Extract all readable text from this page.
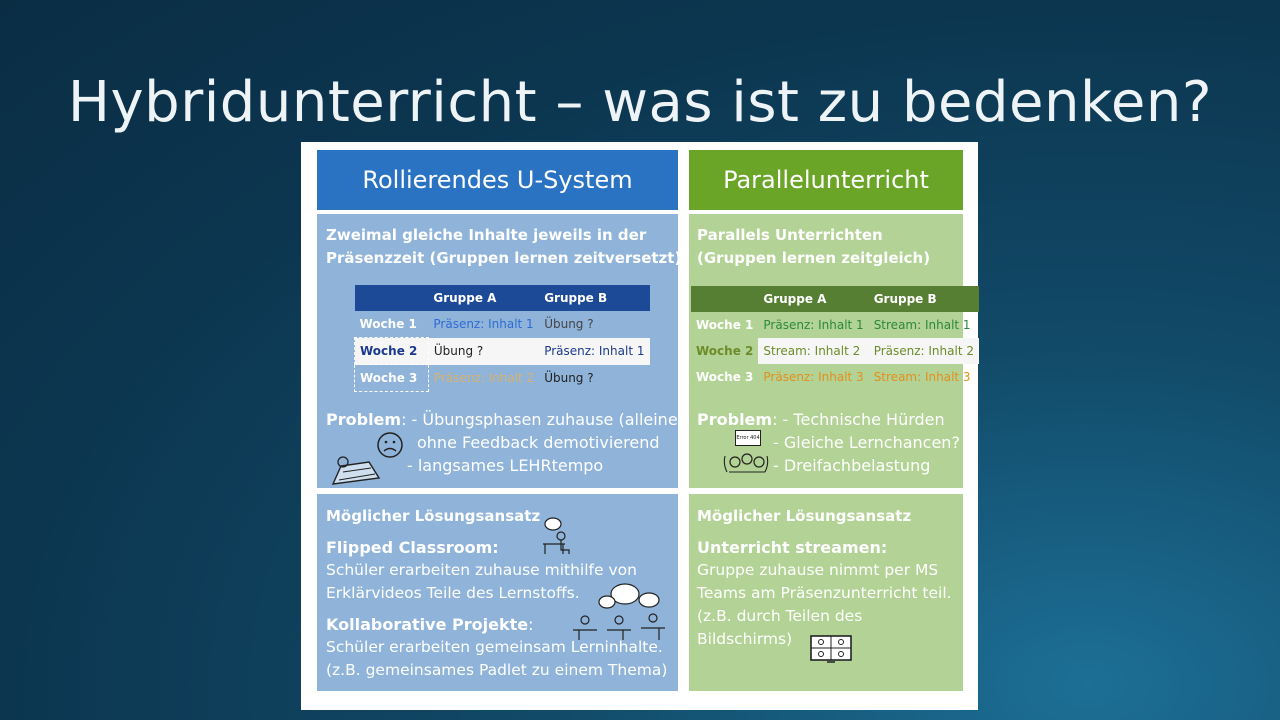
Hybridunterricht – was ist zu bedenken?
Rollierendes U-System	Parallelunterricht
Zweimal gleiche Inhalte jeweils in der
Präsenzzeit (Gruppen lernen zeitversetzt)
	Gruppe A	Gruppe B
Woche 1	Präsenz: Inhalt 1	Übung ?
Woche 2	Übung ?	Präsenz: Inhalt 1
Woche 3	Präsenz: Inhalt 2	Übung ?
Problem: - Übungsphasen zuhause (alleine)
ohne Feedback demotivierend
- langsames LEHRtempo
Möglicher Lösungsansatz
Flipped Classroom:
Schüler erarbeiten zuhause mithilfe von
Erklärvideos Teile des Lernstoffs.
Kollaborative Projekte:
Schüler erarbeiten gemeinsam Lerninhalte.
(z.B. gemeinsames Padlet zu einem Thema)
Parallels Unterrichten
(Gruppen lernen zeitgleich)
	Gruppe A	Gruppe B
Woche 1	Präsenz: Inhalt 1	Stream: Inhalt 1
Woche 2	Stream: Inhalt 2	Präsenz: Inhalt 2
Woche 3	Präsenz: Inhalt 3	Stream: Inhalt 3
Problem: - Technische Hürden
- Gleiche Lernchancen?
- Dreifachbelastung
Error 404
Möglicher Lösungsansatz
Unterricht streamen:
Gruppe zuhause nimmt per MS
Teams am Präsenzunterricht teil.
(z.B. durch Teilen des
Bildschirms)
